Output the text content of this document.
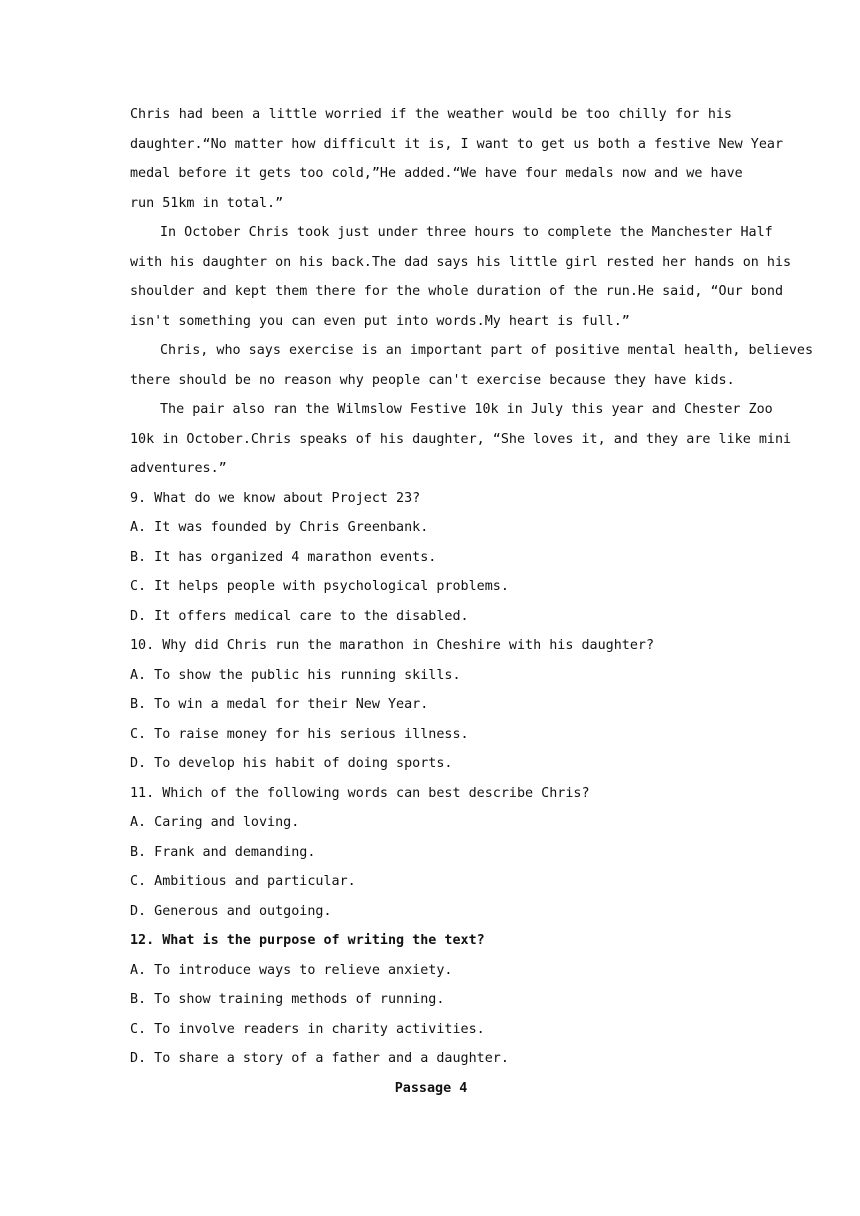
Chris had been a little worried if the weather would be too chilly for his
daughter.“No matter how difficult it is, I want to get us both a festive New Year
medal before it gets too cold,”He added.“We have four medals now and we have
run 51km in total.”
In October Chris took just under three hours to complete the Manchester Half
with his daughter on his back.The dad says his little girl rested her hands on his
shoulder and kept them there for the whole duration of the run.He said, “Our bond
isn't something you can even put into words.My heart is full.”
Chris, who says exercise is an important part of positive mental health, believes
there should be no reason why people can't exercise because they have kids.
The pair also ran the Wilmslow Festive 10k in July this year and Chester Zoo
10k in October.Chris speaks of his daughter, “She loves it, and they are like mini
adventures.”
9. What do we know about Project 23?
A. It was founded by Chris Greenbank.
B. It has organized 4 marathon events.
C. It helps people with psychological problems.
D. It offers medical care to the disabled.
10. Why did Chris run the marathon in Cheshire with his daughter?
A. To show the public his running skills.
B. To win a medal for their New Year.
C. To raise money for his serious illness.
D. To develop his habit of doing sports.
11. Which of the following words can best describe Chris?
A. Caring and loving.
B. Frank and demanding.
C. Ambitious and particular.
D. Generous and outgoing.
12. What is the purpose of writing the text?
A. To introduce ways to relieve anxiety.
B. To show training methods of running.
C. To involve readers in charity activities.
D. To share a story of a father and a daughter.
Passage 4
